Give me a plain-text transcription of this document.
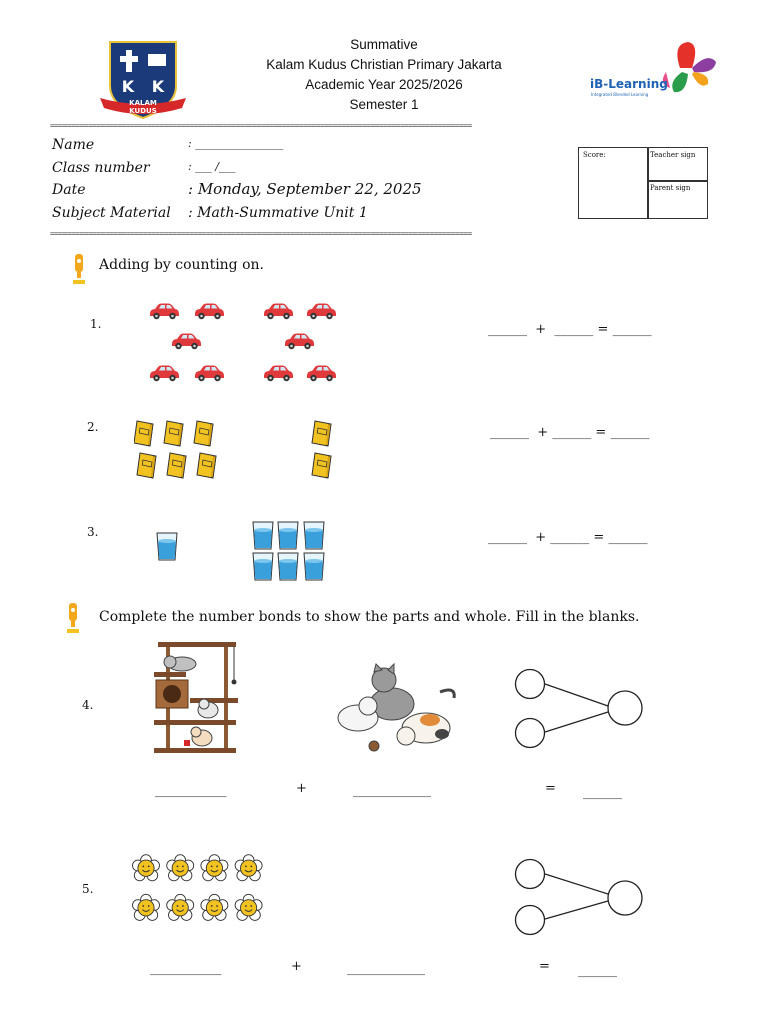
K K
KALAM KUDUS
Summative
Kalam Kudus Christian Primary Jakarta
Academic Year 2025/2026
Semester 1
iB-Learning
Integrated Blended Learning
====================================================================================================
Name	: ________________
Class number	: ___ /___
Date	: Monday, September 22, 2025
Subject Material : Math-Summative Unit 1
Score:	Teacher sign
Parent sign
====================================================================================================
Adding by counting on.
1.	______  +  ______ = ______
2.	______  + ______ = ______
3.	______  + ______ = ______
Complete the number bonds to show the parts and whole. Fill in the blanks.
4.
___________	+	____________	= ______
5.
___________	+	____________	= ______
